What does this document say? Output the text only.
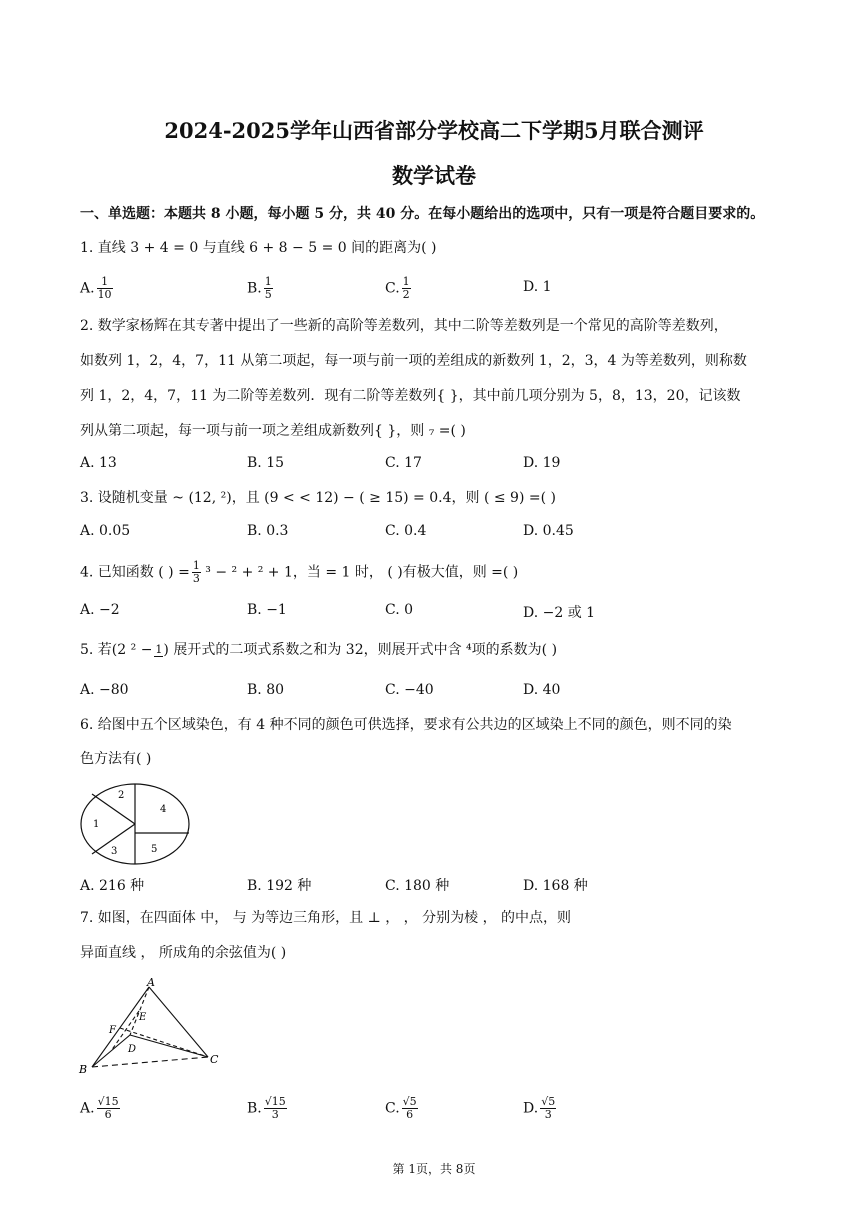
2024-2025学年山西省部分学校高二下学期5月联合测评
数学试卷
一、单选题：本题共 8 小题，每小题 5 分，共 40 分。在每小题给出的选项中，只有一项是符合题目要求的。
1. 直线 3 + 4 = 0 与直线 6 + 8 − 5 = 0 间的距离为( )
A. $\frac{1}{10}$	B. $\frac{1}{5}$	C. $\frac{1}{2}$	D. 1
2. 数学家杨辉在其专著中提出了一些新的高阶等差数列，其中二阶等差数列是一个常见的高阶等差数列，
如数列 1，2，4，7，11 从第二项起，每一项与前一项的差组成的新数列 1，2，3，4 为等差数列，则称数
列 1，2，4，7，11 为二阶等差数列．现有二阶等差数列{ }，其中前几项分别为 5，8，13，20，记该数
列从第二项起，每一项与前一项之差组成新数列{ }，则 ₇ =( )
A. 13	B. 15	C. 17	D. 19
3. 设随机变量 ~ (12, ²)，且 (9 < < 12) − ( ≥ 15) = 0.4，则 ( ≤ 9) =( )
A. 0.05	B. 0.3	C. 0.4	D. 0.45
4. 已知函数 ( ) = $\frac{1}{3} ^3 - ^2 + ^2 + 1$，当 = 1 时， ( )有极大值，则 =( )
A. −2	B. −1	C. 0	D. −2 或 1
5. 若(2 ² − 1 ) 展开式的二项式系数之和为 32，则展开式中含 ⁴项的系数为( )
A. −80	B. 80	C. −40	D. 40
6. 给图中五个区域染色，有 4 种不同的颜色可供选择，要求有公共边的区域染上不同的颜色，则不同的染
色方法有( )
1
2
3
4
5
A. 216 种	B. 192 种	C. 180 种	D. 168 种
7. 如图，在四面体 中， 与 为等边三角形，且 ⊥ ， ， 分别为棱 ， 的中点，则
异面直线 ， 所成角的余弦值为( )
A
E
F
D
B
C
A. $\frac{√15}{6}$	B. $\frac{√15}{3}$	C. $\frac{√5}{6}$	D. $\frac{√5}{3}$
第 1页，共 8页
